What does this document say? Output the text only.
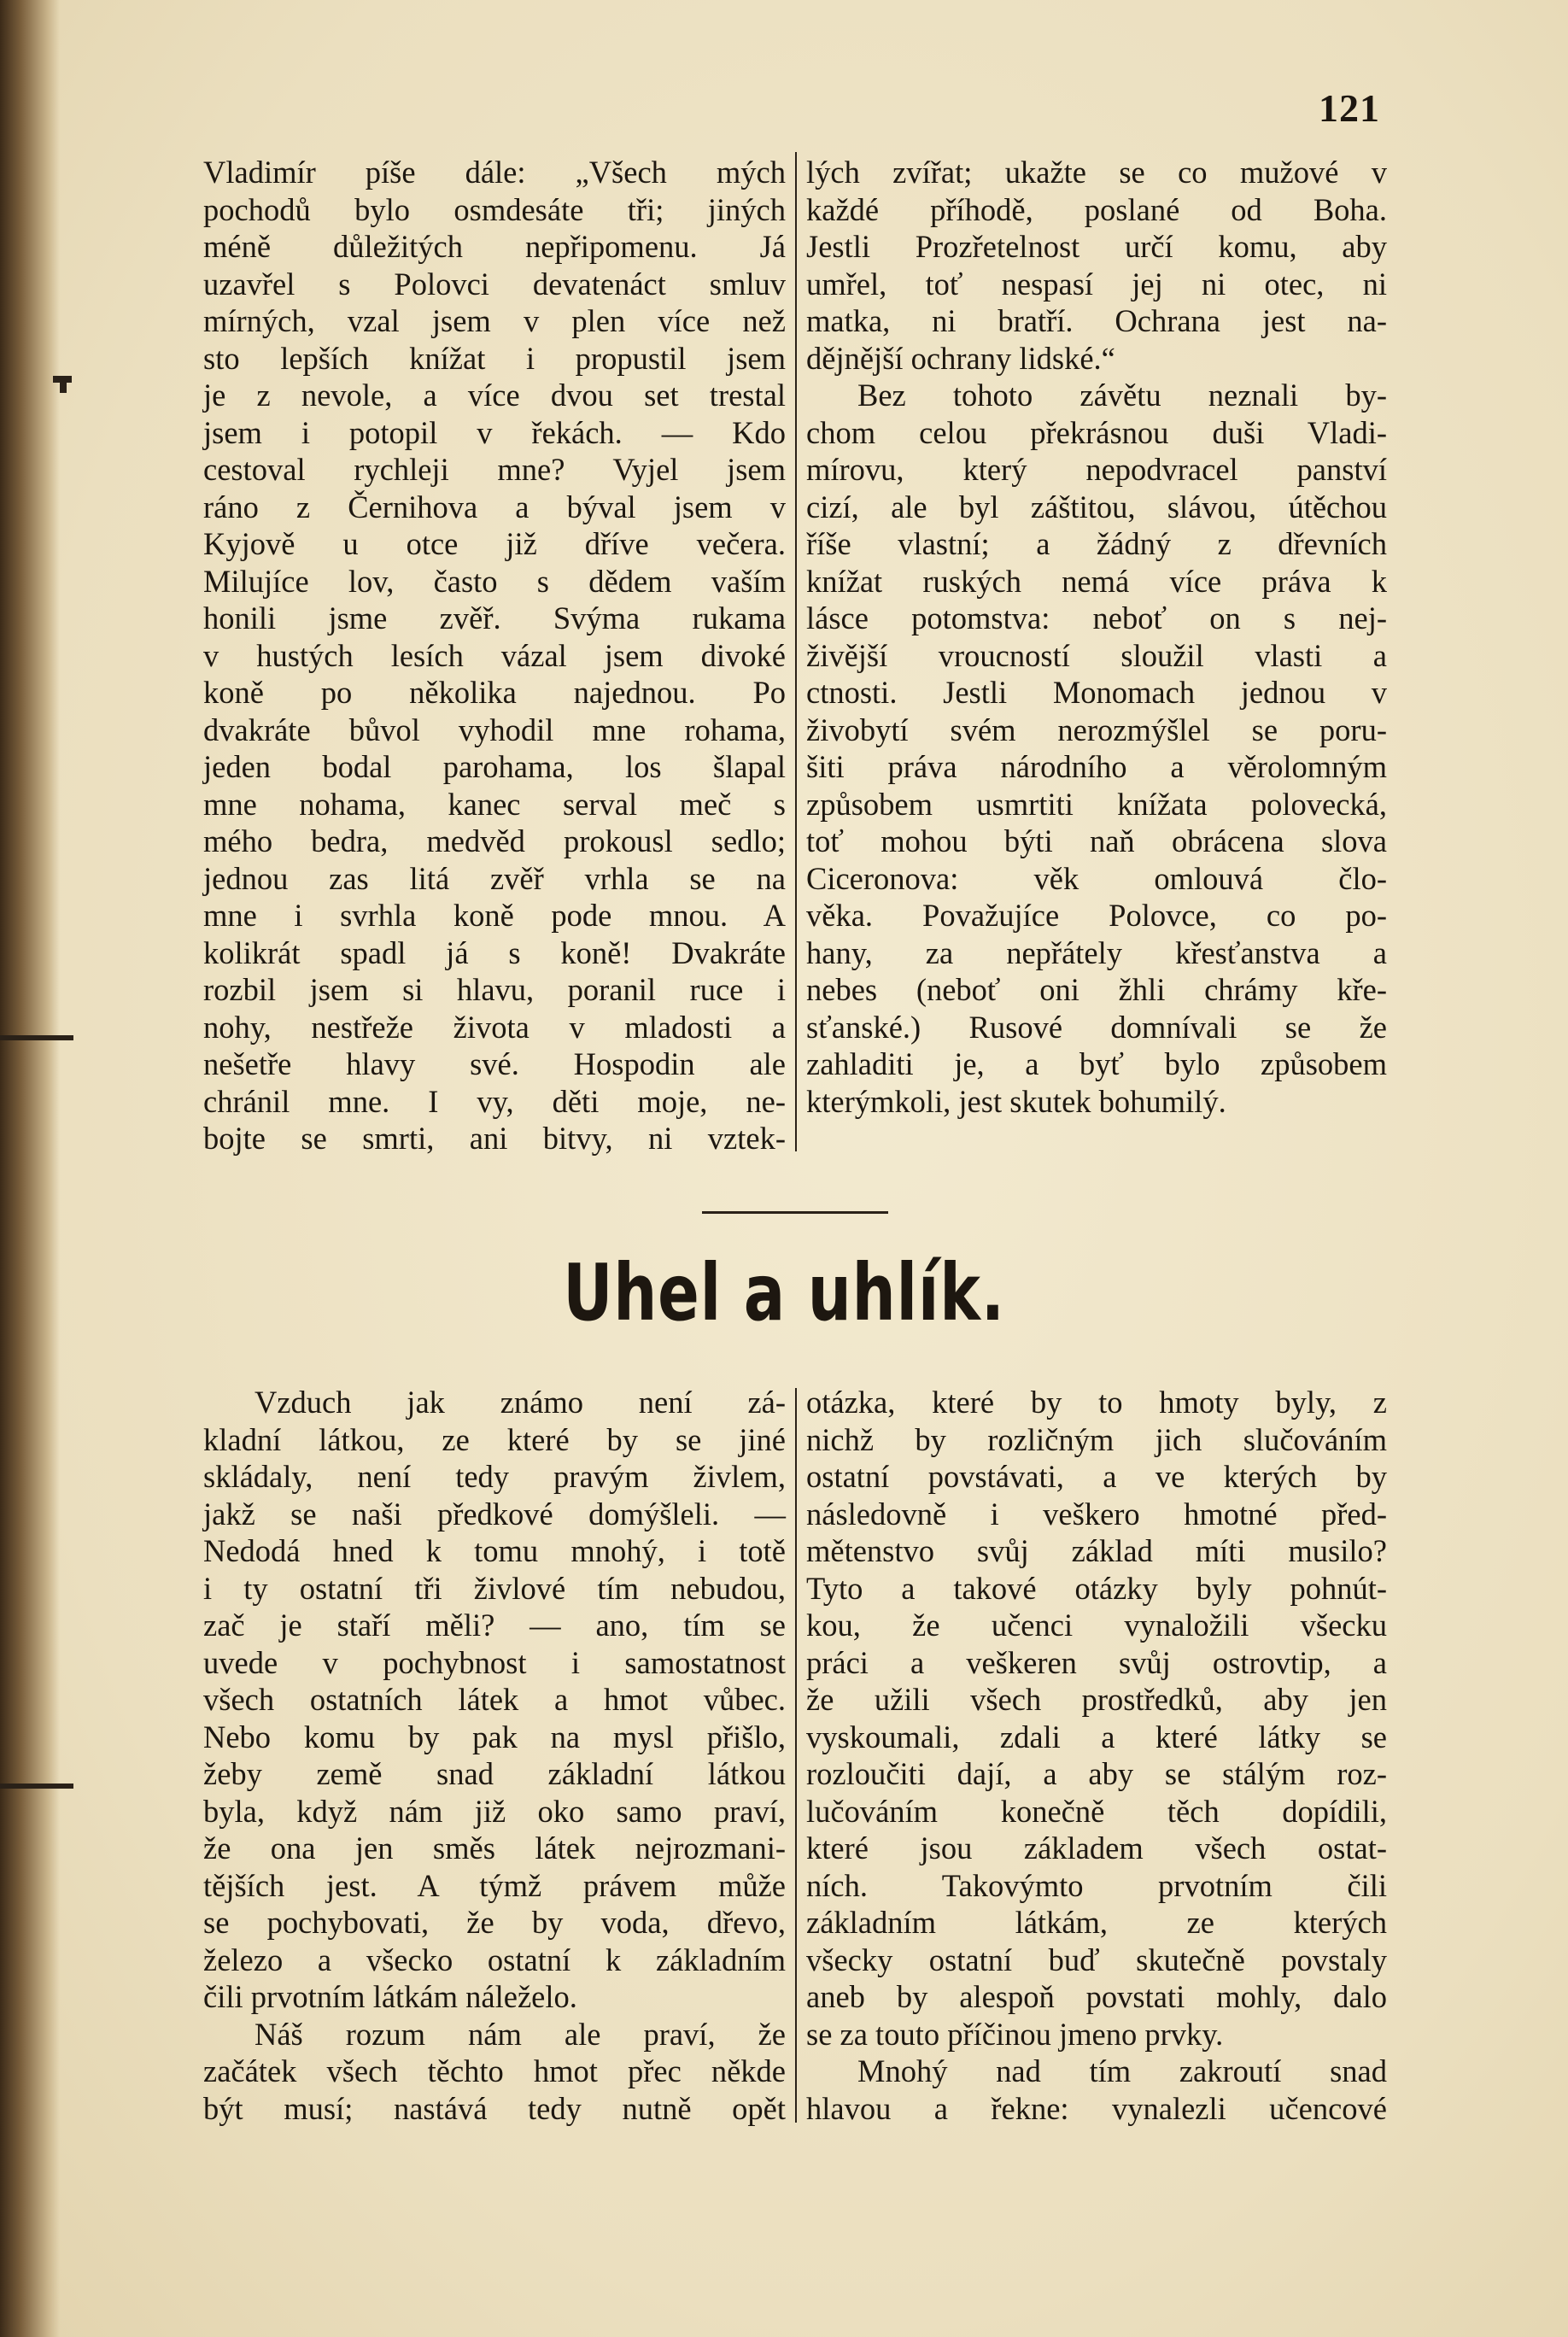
121
Vladimír píše dále: „Všech mých
pochodů bylo osmdesáte tři; jiných
méně důležitých nepřipomenu. Já
uzavřel s Polovci devatenáct smluv
mírných, vzal jsem v plen více než
sto lepších knížat i propustil jsem
je z nevole, a více dvou set trestal
jsem i potopil v řekách. — Kdo
cestoval rychleji mne? Vyjel jsem
ráno z Černihova a býval jsem v
Kyjově u otce již dříve večera.
Milujíce lov, často s dědem vaším
honili jsme zvěř. Svýma rukama
v hustých lesích vázal jsem divoké
koně po několika najednou. Po
dvakráte bůvol vyhodil mne rohama,
jeden bodal parohama, los šlapal
mne nohama, kanec serval meč s
mého bedra, medvěd prokousl sedlo;
jednou zas litá zvěř vrhla se na
mne i svrhla koně pode mnou. A
kolikrát spadl já s koně! Dvakráte
rozbil jsem si hlavu, poranil ruce i
nohy, nestřeže života v mladosti a
nešetře hlavy své. Hospodin ale
chránil mne. I vy, děti moje, ne-
bojte se smrti, ani bitvy, ni vztek-
lých zvířat; ukažte se co mužové v
každé příhodě, poslané od Boha.
Jestli Prozřetelnost určí komu, aby
umřel, toť nespasí jej ni otec, ni
matka, ni bratří. Ochrana jest na-
dějnější ochrany lidské.“
Bez tohoto závětu neznali by-
chom celou překrásnou duši Vladi-
mírovu, který nepodvracel panství
cizí, ale byl záštitou, slávou, útěchou
říše vlastní; a žádný z dřevních
knížat ruských nemá více práva k
lásce potomstva: neboť on s nej-
živější vroucností sloužil vlasti a
ctnosti. Jestli Monomach jednou v
živobytí svém nerozmýšlel se poru-
šiti práva národního a věrolomným
způsobem usmrtiti knížata polovecká,
toť mohou býti naň obrácena slova
Ciceronova: věk omlouvá člo-
věka. Považujíce Polovce, co po-
hany, za nepřátely křesťanstva a
nebes (neboť oni žhli chrámy kře-
sťanské.) Rusové domnívali se že
zahladiti je, a byť bylo způsobem
kterýmkoli, jest skutek bohumilý.
Uhel a uhlík.
Vzduch jak známo není zá-
kladní látkou, ze které by se jiné
skládaly, není tedy pravým živlem,
jakž se naši předkové domýšleli. —
Nedodá hned k tomu mnohý, i totě
i ty ostatní tři živlové tím nebudou,
zač je staří měli? — ano, tím se
uvede v pochybnost i samostatnost
všech ostatních látek a hmot vůbec.
Nebo komu by pak na mysl přišlo,
žeby země snad základní látkou
byla, když nám již oko samo praví,
že ona jen směs látek nejrozmani-
tějších jest. A týmž právem může
se pochybovati, že by voda, dřevo,
železo a všecko ostatní k základním
čili prvotním látkám náleželo.
Náš rozum nám ale praví, že
začátek všech těchto hmot přec někde
být musí; nastává tedy nutně opět
otázka, které by to hmoty byly, z
nichž by rozličným jich slučováním
ostatní povstávati, a ve kterých by
následovně i veškero hmotné před-
mětenstvo svůj základ míti musilo?
Tyto a takové otázky byly pohnút-
kou, že učenci vynaložili všecku
práci a veškeren svůj ostrovtip, a
že užili všech prostředků, aby jen
vyskoumali, zdali a které látky se
rozloučiti dají, a aby se stálým roz-
lučováním konečně těch dopídili,
které jsou základem všech ostat-
ních. Takovýmto prvotním čili
základním látkám, ze kterých
všecky ostatní buď skutečně povstaly
aneb by alespoň povstati mohly, dalo
se za touto příčinou jmeno prvky.
Mnohý nad tím zakroutí snad
hlavou a řekne: vynalezli učencové
